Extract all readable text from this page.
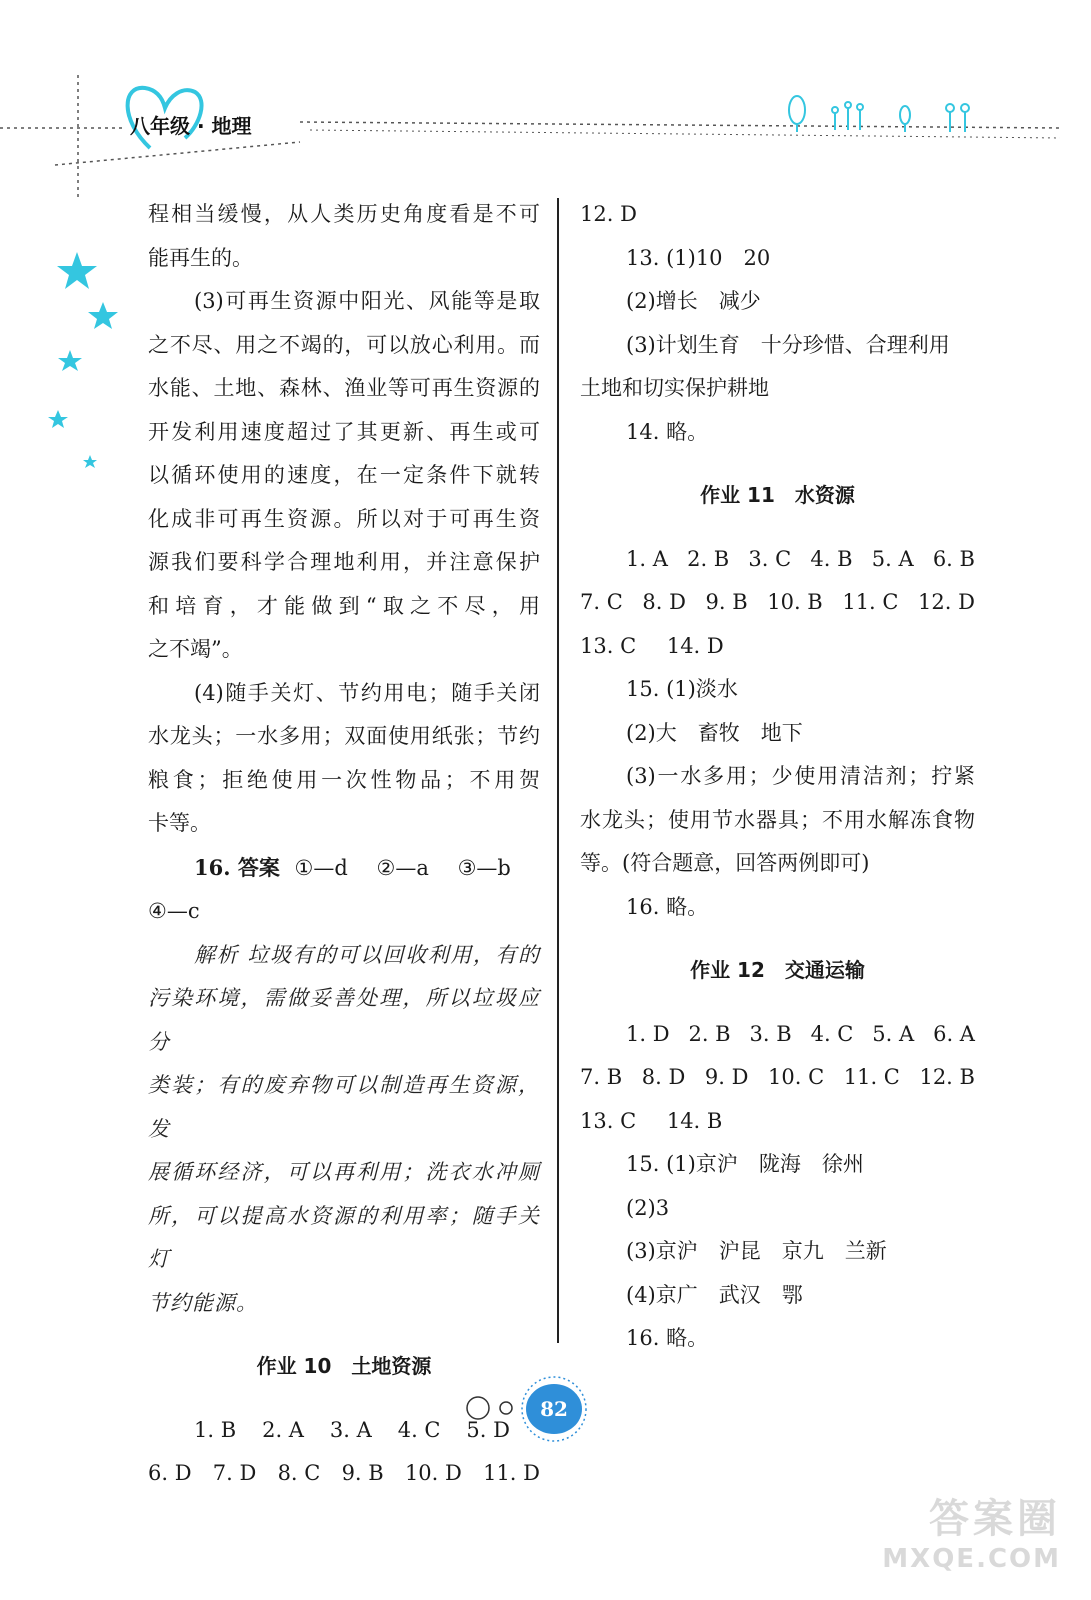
八年级 · 地理

程相当缓慢，从人类历史角度看是不可

能再生的。

(3)可再生资源中阳光、风能等是取

之不尽、用之不竭的，可以放心利用。而

水能、土地、森林、渔业等可再生资源的

开发利用速度超过了其更新、再生或可

以循环使用的速度，在一定条件下就转

化成非可再生资源。所以对于可再生资

源我们要科学合理地利用，并注意保护

和培育，才能做到“取之不尽，用

之不竭”。

(4)随手关灯、节约用电；随手关闭

水龙头；一水多用；双面使用纸张；节约

粮食；拒绝使用一次性物品；不用贺

卡等。

16. 答案 ①—d ②—a ③—b

④—c

解析 垃圾有的可以回收利用，有的

污染环境，需做妥善处理，所以垃圾应分

类装；有的废弃物可以制造再生资源，发

展循环经济，可以再利用；洗衣水冲厕

所，可以提高水资源的利用率；随手关灯

节约能源。

作业 10　土地资源

1. B 2. A 3. A 4. C 5. D
6. D 7. D 8. C 9. B 10. D 11. D

12. D

13. (1)10　20

(2)增长　减少

(3)计划生育　十分珍惜、合理利用

土地和切实保护耕地

14. 略。

作业 11　水资源

1. A 2. B 3. C 4. B 5. A 6. B
7. C 8. D 9. B 10. B 11. C 12. D

13. C 14. D

15. (1)淡水

(2)大　畜牧　地下

(3)一水多用；少使用清洁剂；拧紧

水龙头；使用节水器具；不用水解冻食物

等。(符合题意，回答两例即可)

16. 略。

作业 12　交通运输

1. D 2. B 3. B 4. C 5. A 6. A
7. B 8. D 9. D 10. C 11. C 12. B

13. C 14. B

15. (1)京沪　陇海　徐州

(2)3

(3)京沪　沪昆　京九　兰新

(4)京广　武汉　鄂

16. 略。

82
答案圈
MXQE.COM
